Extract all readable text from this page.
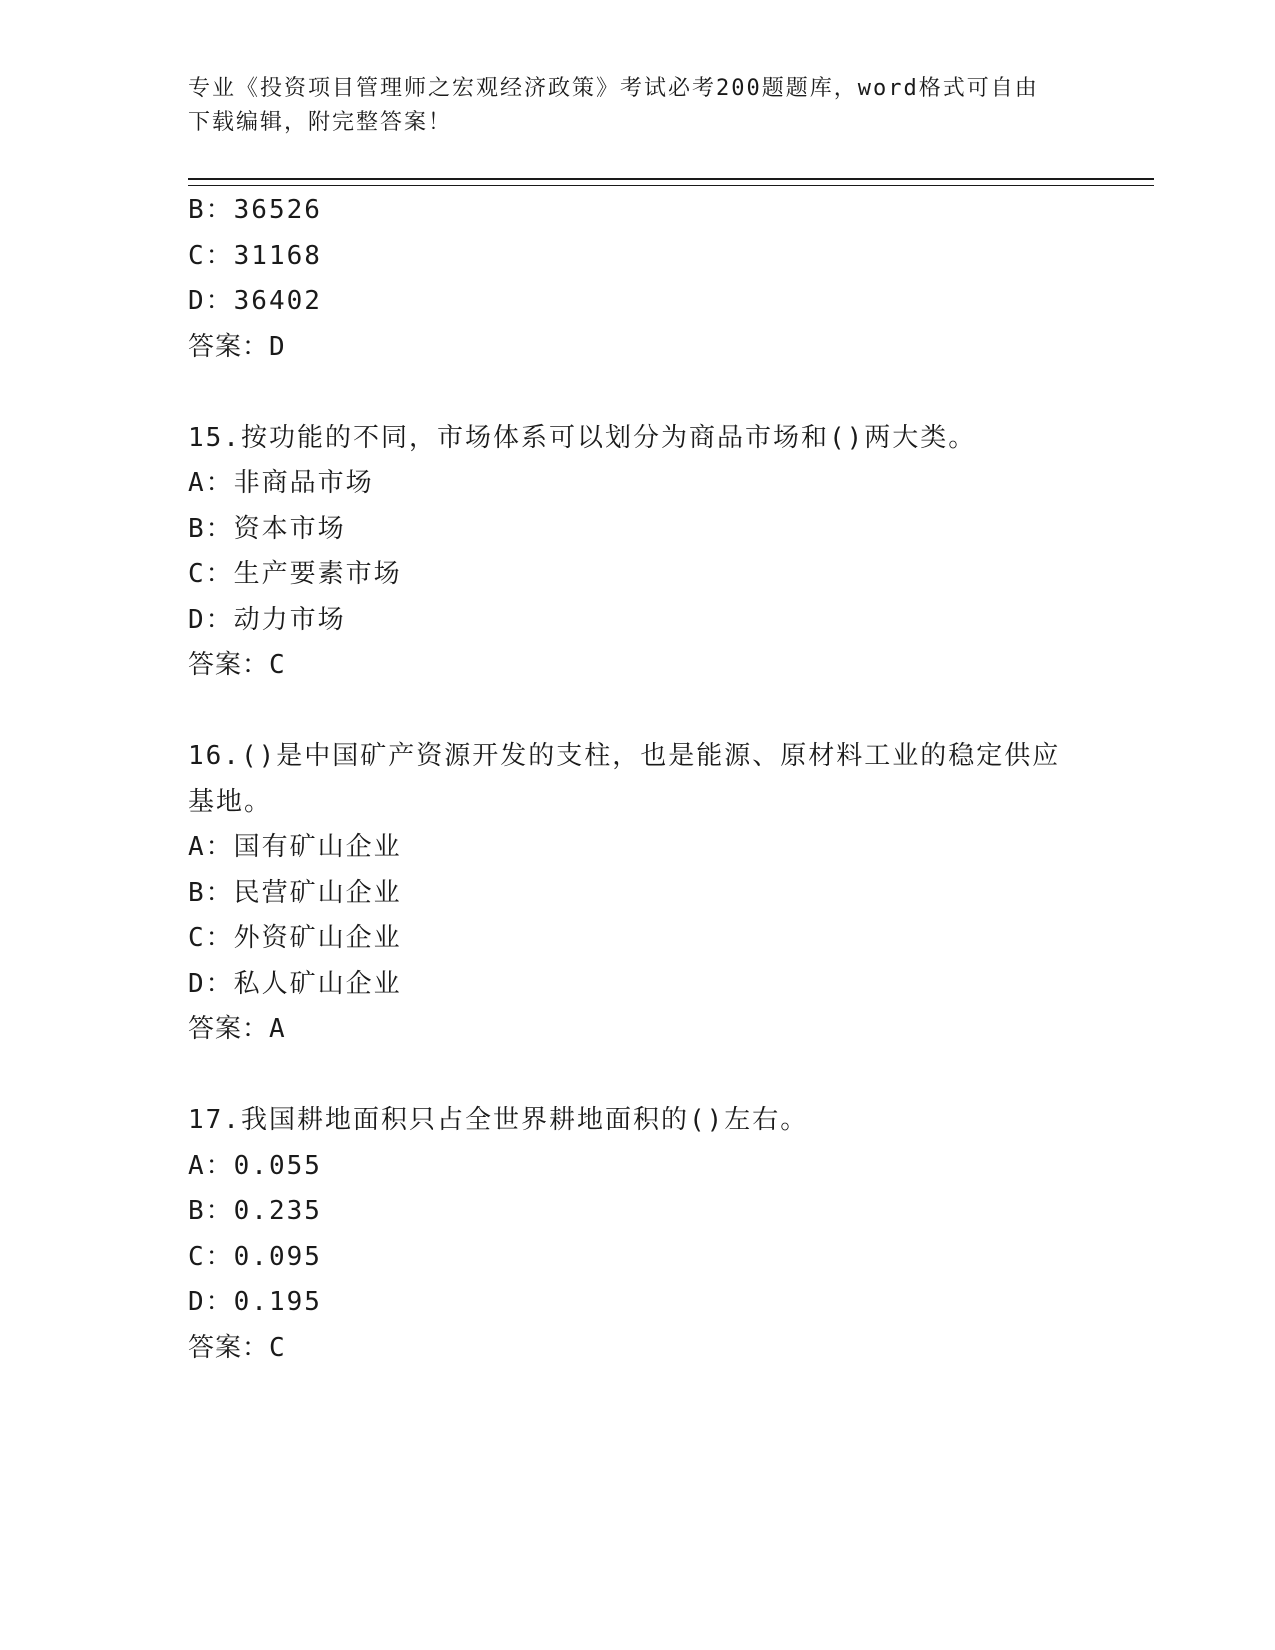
专业《投资项目管理师之宏观经济政策》考试必考200题题库，word格式可自由
下载编辑，附完整答案！
B：36526
C：31168
D：36402
答案：D
15.按功能的不同，市场体系可以划分为商品市场和()两大类。
A：非商品市场
B：资本市场
C：生产要素市场
D：动力市场
答案：C
16.()是中国矿产资源开发的支柱，也是能源、原材料工业的稳定供应
基地。
A：国有矿山企业
B：民营矿山企业
C：外资矿山企业
D：私人矿山企业
答案：A
17.我国耕地面积只占全世界耕地面积的()左右。
A：0.055
B：0.235
C：0.095
D：0.195
答案：C
